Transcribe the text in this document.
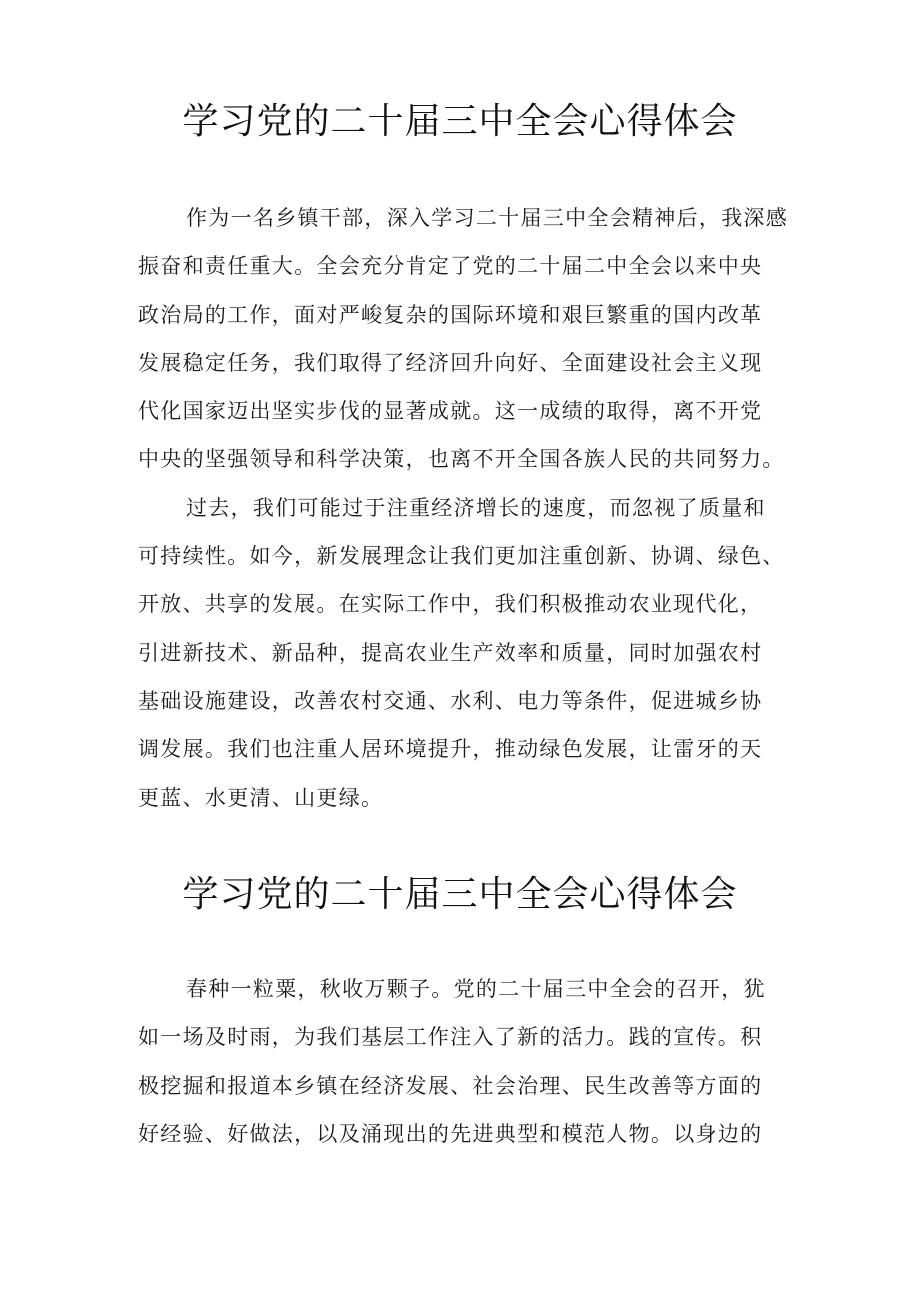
学习党的二十届三中全会心得体会
作为一名乡镇干部，深入学习二十届三中全会精神后，我深感
振奋和责任重大。全会充分肯定了党的二十届二中全会以来中央
政治局的工作，面对严峻复杂的国际环境和艰巨繁重的国内改革
发展稳定任务，我们取得了经济回升向好、全面建设社会主义现
代化国家迈出坚实步伐的显著成就。这一成绩的取得，离不开党
中央的坚强领导和科学决策，也离不开全国各族人民的共同努力。
过去，我们可能过于注重经济增长的速度，而忽视了质量和
可持续性。如今，新发展理念让我们更加注重创新、协调、绿色、
开放、共享的发展。在实际工作中，我们积极推动农业现代化，
引进新技术、新品种，提高农业生产效率和质量，同时加强农村
基础设施建设，改善农村交通、水利、电力等条件，促进城乡协
调发展。我们也注重人居环境提升，推动绿色发展，让雷牙的天
更蓝、水更清、山更绿。
学习党的二十届三中全会心得体会
春种一粒粟，秋收万颗子。党的二十届三中全会的召开，犹
如一场及时雨，为我们基层工作注入了新的活力。践的宣传。积
极挖掘和报道本乡镇在经济发展、社会治理、民生改善等方面的
好经验、好做法，以及涌现出的先进典型和模范人物。以身边的
